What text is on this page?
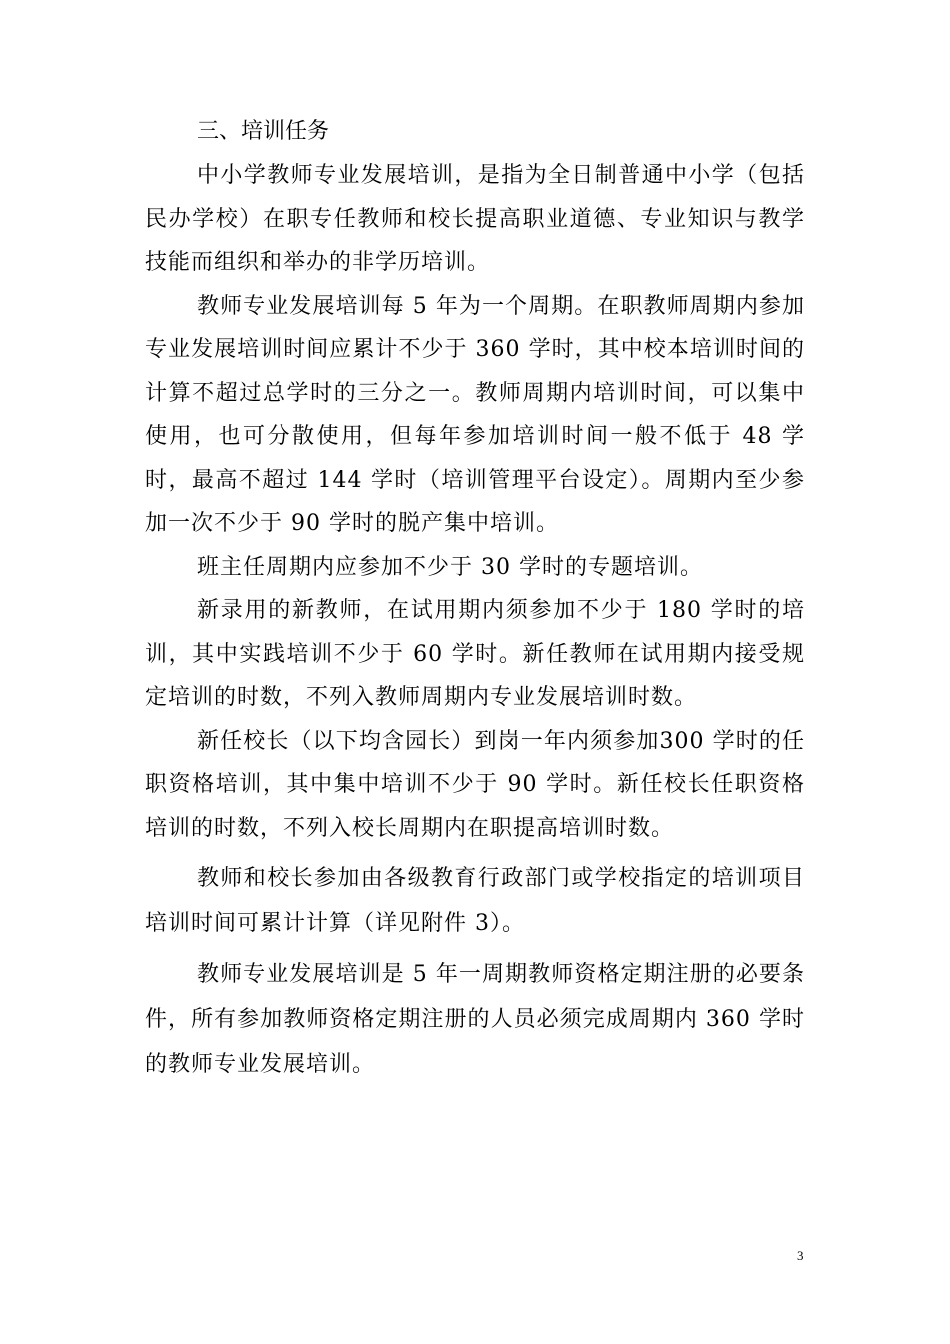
三、培训任务

中小学教师专业发展培训，是指为全日制普通中小学（包括民办学校）在职专任教师和校长提高职业道德、专业知识与教学技能而组织和举办的非学历培训。

教师专业发展培训每 5 年为一个周期。在职教师周期内参加专业发展培训时间应累计不少于 360 学时，其中校本培训时间的计算不超过总学时的三分之一。教师周期内培训时间，可以集中使用，也可分散使用，但每年参加培训时间一般不低于 48 学时，最高不超过 144 学时（培训管理平台设定）。周期内至少参加一次不少于 90 学时的脱产集中培训。

班主任周期内应参加不少于 30 学时的专题培训。

新录用的新教师，在试用期内须参加不少于 180 学时的培训，其中实践培训不少于 60 学时。新任教师在试用期内接受规定培训的时数，不列入教师周期内专业发展培训时数。

新任校长（以下均含园长）到岗一年内须参加300 学时的任职资格培训，其中集中培训不少于 90 学时。新任校长任职资格培训的时数，不列入校长周期内在职提高培训时数。

教师和校长参加由各级教育行政部门或学校指定的培训项目培训时间可累计计算（详见附件 3）。

教师专业发展培训是 5 年一周期教师资格定期注册的必要条件，所有参加教师资格定期注册的人员必须完成周期内 360 学时的教师专业发展培训。

3
